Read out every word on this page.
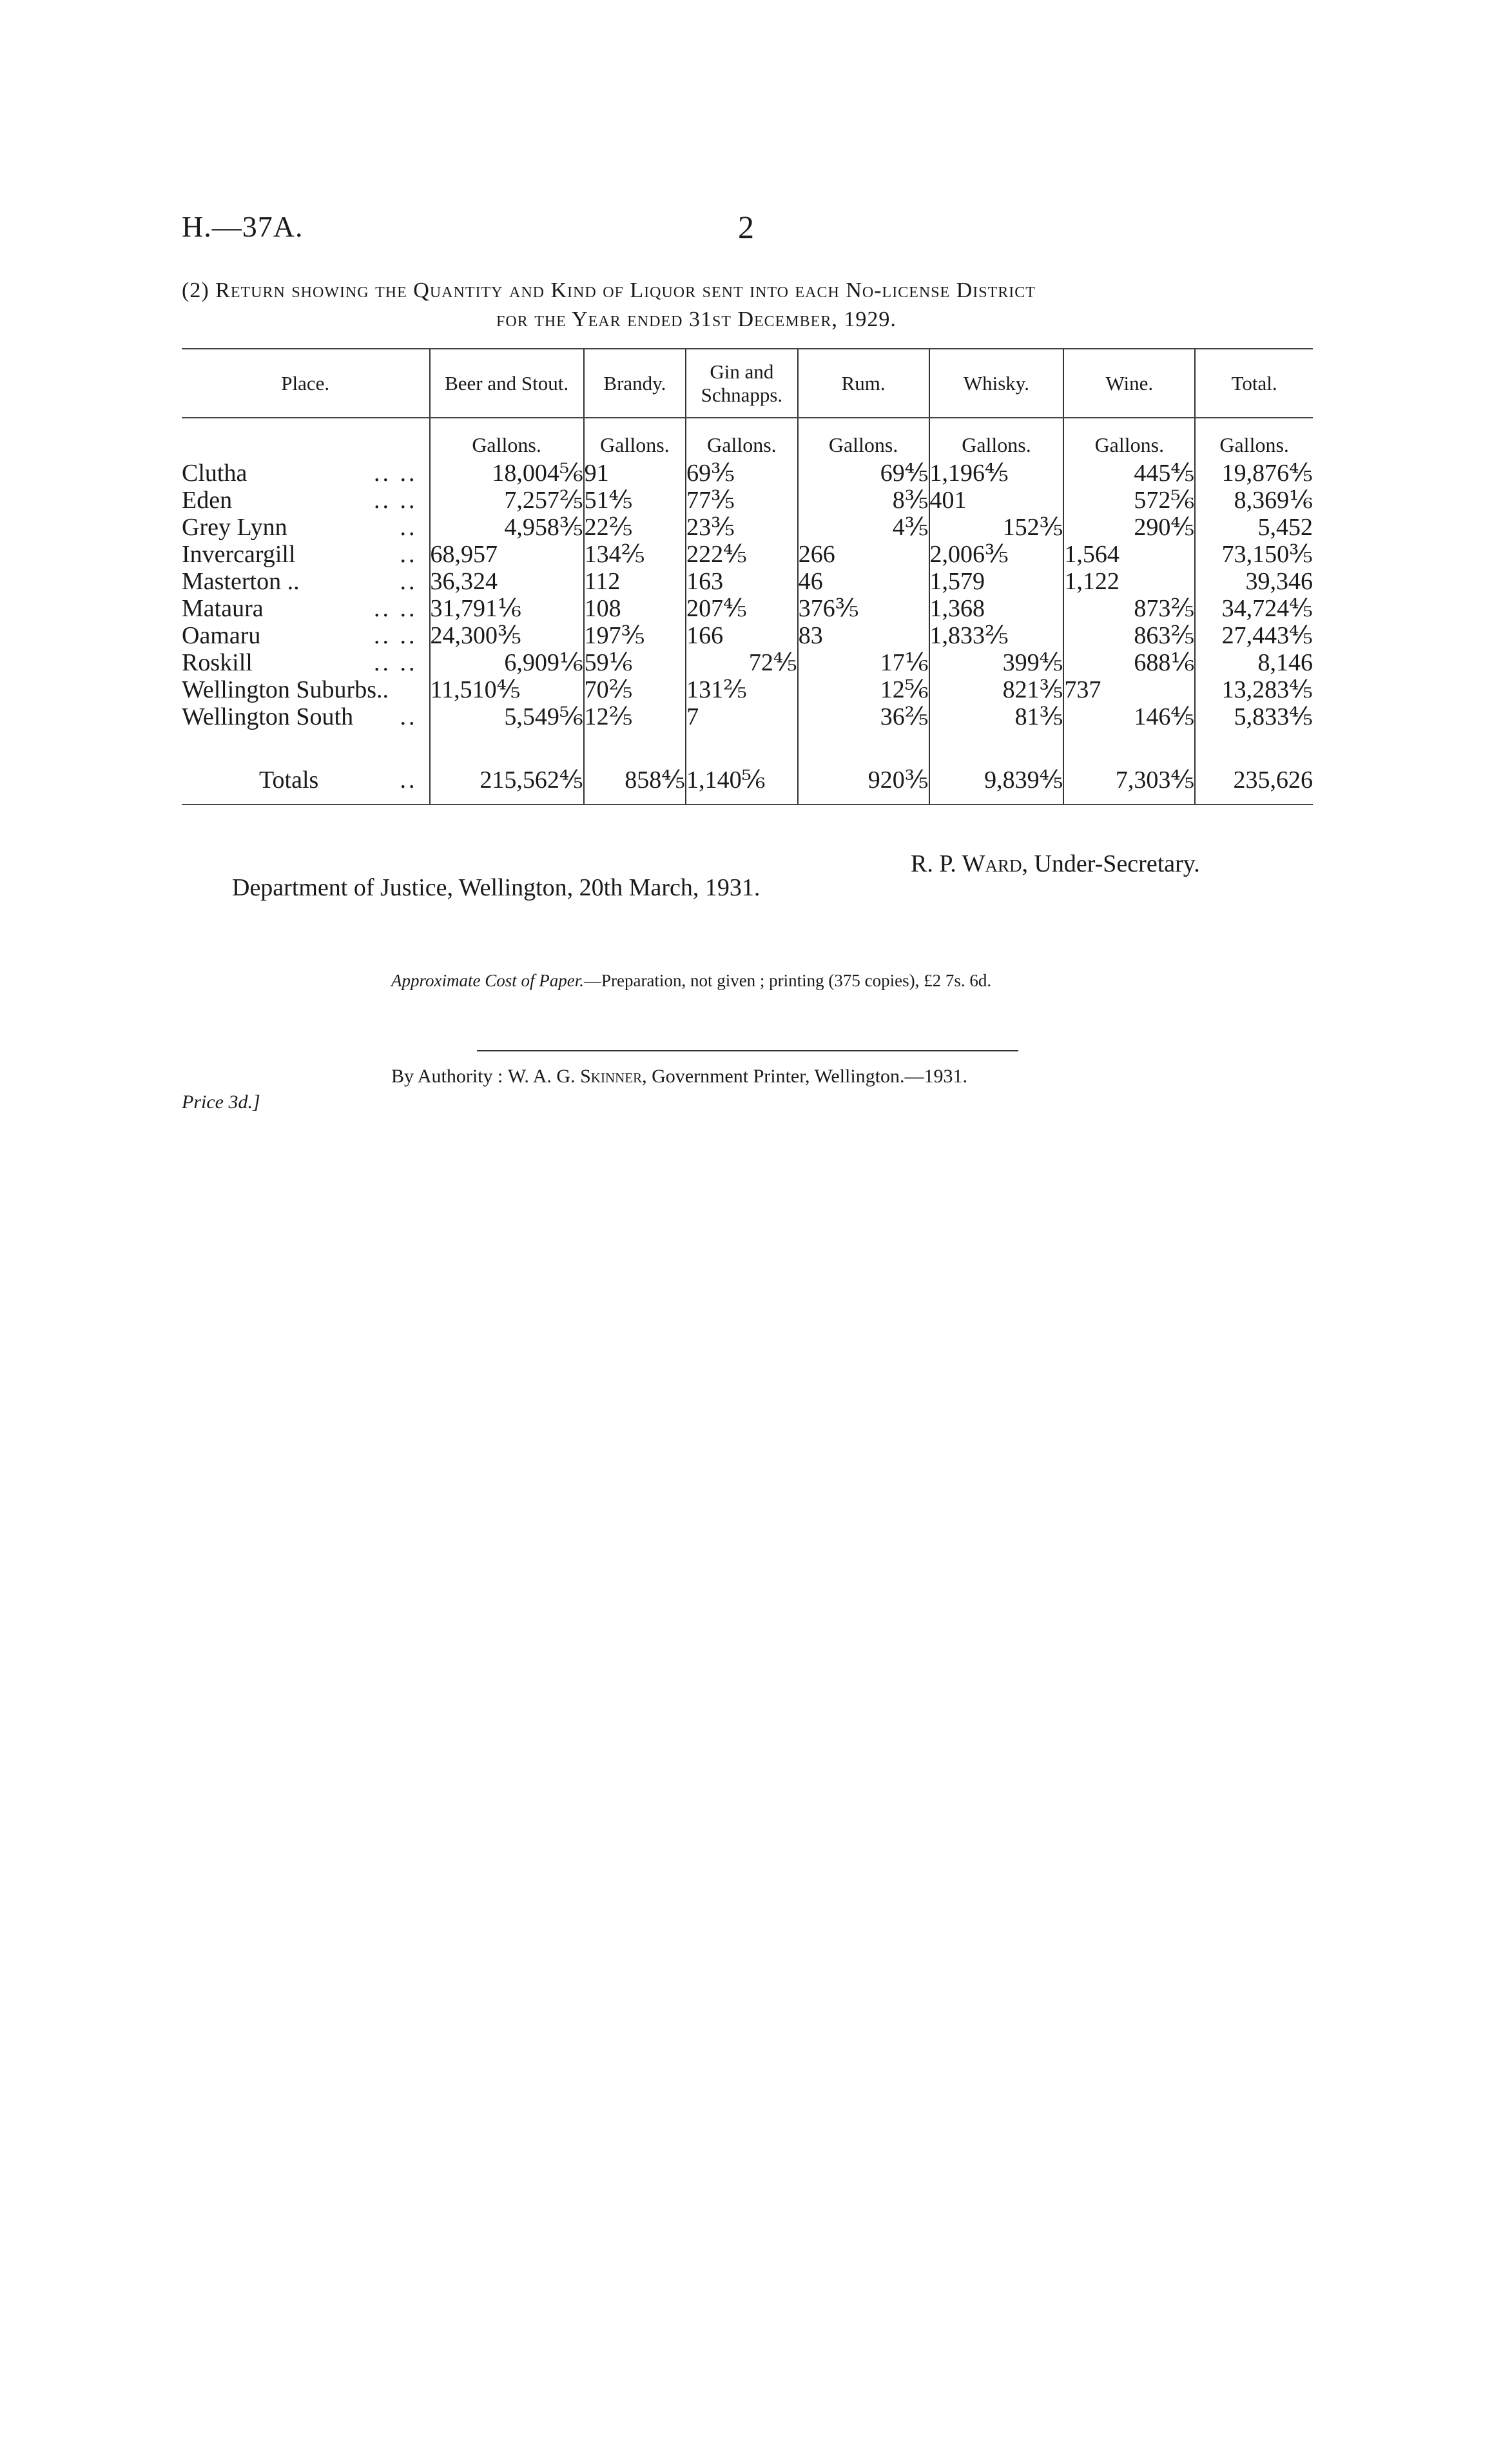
H.—37A.	2
(2) Return showing the Quantity and Kind of Liquor sent into each No-license District
for the Year ended 31st December, 1929.
Place.	Beer and Stout.	Brandy.	Gin and Schnapps.	Rum.	Whisky.	Wine.	Total.
	Gallons.	Gallons.	Gallons.	Gallons.	Gallons.	Gallons.	Gallons.
Clutha .. ..	18,004⅚	91	69⅗	69⅘	1,196⅘	445⅘	19,876⅘
Eden .. ..	7,257⅖	51⅘	77⅗	8⅗	401	572⅚	8,369⅙
Grey Lynn ..	4,958⅗	22⅖	23⅗	4⅗	152⅗	290⅘	5,452
Invercargill ..	68,957	134⅖	222⅘	266	2,006⅗	1,564	73,150⅗
Masterton .. ..	36,324	112	163	46	1,579	1,122	39,346
Mataura .. ..	31,791⅙	108	207⅘	376⅗	1,368	873⅖	34,724⅘
Oamaru .. ..	24,300⅗	197⅗	166	83	1,833⅖	863⅖	27,443⅘
Roskill .. ..	6,909⅙	59⅙	72⅘	17⅙	399⅘	688⅙	8,146
Wellington Suburbs..	11,510⅘	70⅖	131⅖	12⅚	821⅗	737	13,283⅘
Wellington South ..	5,549⅚	12⅖	7	36⅖	81⅗	146⅘	5,833⅘

Totals ..	215,562⅘	858⅘	1,140⅚	920⅗	9,839⅘	7,303⅘	235,626
R. P. Ward, Under-Secretary.
Department of Justice, Wellington, 20th March, 1931.
Approximate Cost of Paper.—Preparation, not given ; printing (375 copies), £2 7s. 6d.
By Authority : W. A. G. Skinner, Government Printer, Wellington.—1931.
Price 3d.]
